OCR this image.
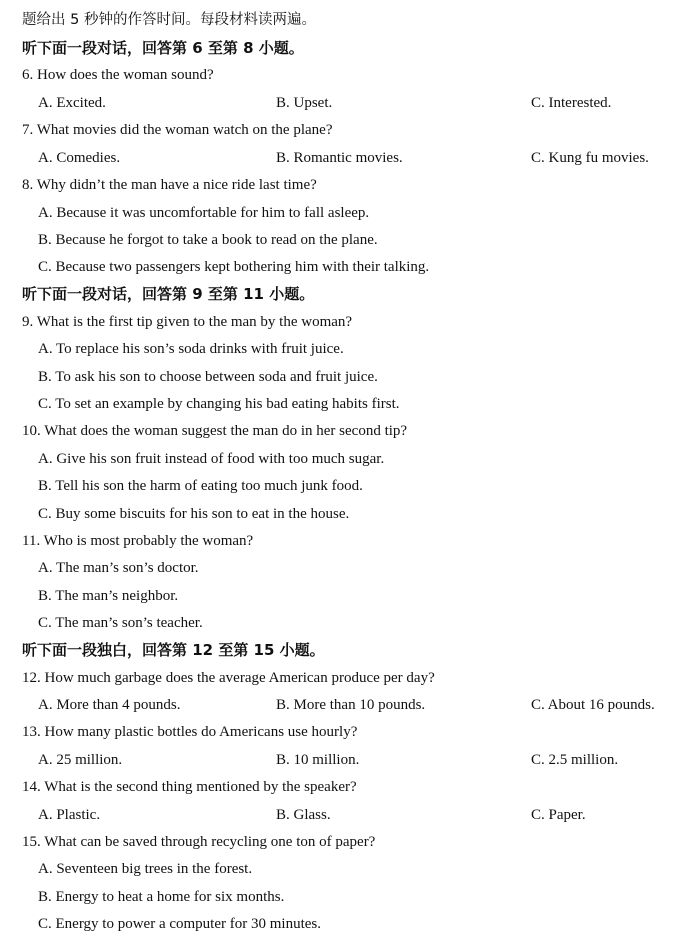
题给出 5 秒钟的作答时间。每段材料读两遍。
听下面一段对话，回答第 6 至第 8 小题。
6. How does the woman sound?
A. Excited.	B. Upset.	C. Interested.
7. What movies did the woman watch on the plane?
A. Comedies.	B. Romantic movies.	C. Kung fu movies.
8. Why didn’t the man have a nice ride last time?
A. Because it was uncomfortable for him to fall asleep.
B. Because he forgot to take a book to read on the plane.
C. Because two passengers kept bothering him with their talking.
听下面一段对话，回答第 9 至第 11 小题。
9. What is the first tip given to the man by the woman?
A. To replace his son’s soda drinks with fruit juice.
B. To ask his son to choose between soda and fruit juice.
C. To set an example by changing his bad eating habits first.
10. What does the woman suggest the man do in her second tip?
A. Give his son fruit instead of food with too much sugar.
B. Tell his son the harm of eating too much junk food.
C. Buy some biscuits for his son to eat in the house.
11. Who is most probably the woman?
A. The man’s son’s doctor.
B. The man’s neighbor.
C. The man’s son’s teacher.
听下面一段独白，回答第 12 至第 15 小题。
12. How much garbage does the average American produce per day?
A. More than 4 pounds.	B. More than 10 pounds.	C. About 16 pounds.
13. How many plastic bottles do Americans use hourly?
A. 25 million.	B. 10 million.	C. 2.5 million.
14. What is the second thing mentioned by the speaker?
A. Plastic.	B. Glass.	C. Paper.
15. What can be saved through recycling one ton of paper?
A. Seventeen big trees in the forest.
B. Energy to heat a home for six months.
C. Energy to power a computer for 30 minutes.
